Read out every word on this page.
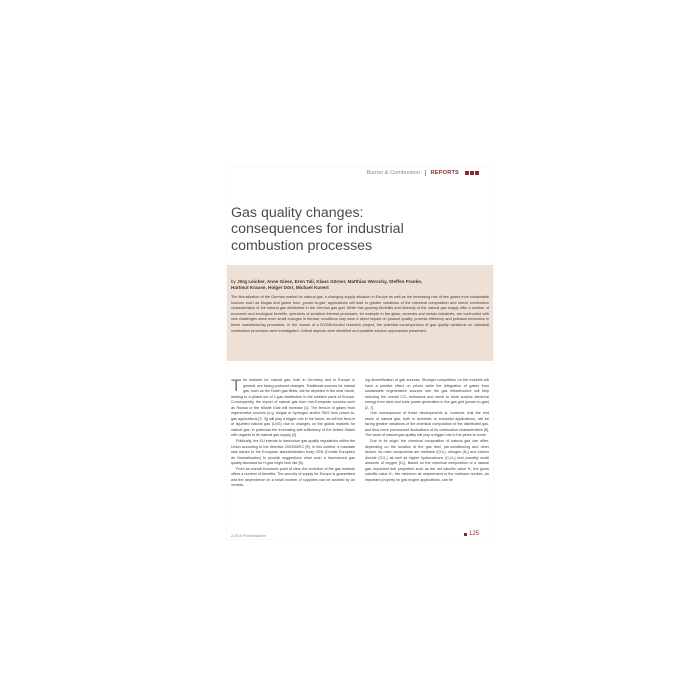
Burner & Combustion REPORTS
Gas quality changes:
consequences for industrial
combustion processes
by Jörg Leicher, Anne Giese, Eren Tali, Klaus Görner, Matthias Werschy, Steffen Franke,
Hartmut Krause, Holger Dörr, Michael Kunert
The liberalization of the German market for natural gas, a changing supply situation in Europe as well as the increasing role of fuel gases from sustainable sources such as biogas and gases from „power-to-gas“ applications will lead to greater variations of the chemical composition and hence combustion characteristics of the natural gas distributed in the German gas grid. While this growing flexibility and diversity of the natural gas supply offer a number of economic and ecological benefits, operators of sensitive thermal processes, for example in the glass, ceramics and metals industries, are confronted with new challenges since even small changes in furnace conditions may have a direct impact on product quality, process efficiency and pollutant emissions in these manufacturing processes. In the course of a DVGW-funded research project, the potential consequences of gas quality variations on industrial combustion processes were investigated. Critical aspects were identified and possible solution approaches presented.

The markets for natural gas, both in Germany and in Europe in general, are facing profound changes. Traditional sources for natural gas, such as the Dutch gas fields, will be depleted in the near future, leading to a phase-out of L-gas distribution in the western parts of Europe. Consequently, the import of natural gas from non-European sources such as Russia or the Middle East will increase [1]. The feed-in of gases from regenerative sources (e.g. biogas or hydrogen and/or SNG from power-to-gas applications [2, 3]) will play a bigger role in the future, as will the feed-in of liquefied natural gas (LNG) due to changes on the global markets for natural gas, in particular the increasing self-sufficiency of the United States with regards to its natural gas supply [4].

Politically, the EU intends to harmonize gas quality regulations within the Union according to the directive 2003/55/EC [5]. In this context, a mandate was issued to the European standardisation body CEN (Comité Européen de Normalisation) to provide suggestions what such a harmonized gas quality standard for H-gas might look like [6].

From an overall economic point of view, the evolution of the gas markets offers a number of benefits: The security of supply for Europe is guaranteed and the dependence on a small number of suppliers can be avoided by an increas-

ing diversification of gas sources. Stronger competition on the markets will have a positive effect on prices while the integration of gases from sustainable regenerative sources into the gas infrastructure will help reducing the overall CO₂ emissions and serve to store surplus electrical energy from wind and solar power generation in the gas grid (power-to-gas) [2, 7].

One consequence of these developments is, however, that the end users of natural gas, both in domestic or industrial applications, will be facing greater variations of the chemical composition of the distributed gas, and thus more pronounced fluctuations of its combustion characteristics [8]. The issue of natural gas quality will play a bigger role in the years to come.

Due to its origin, the chemical composition of natural gas can differ, depending on the location of the gas field, pre-conditioning and other factors. Its main components are methane (CH₄), nitrogen (N₂) and carbon dioxide (CO₂) as well as higher hydrocarbons (C₂H₆) and possibly small amounts of oxygen [O₂]. Based on the chemical composition of a natural gas, important fuel properties such as the net calorific value Hᵢ, the gross calorific value Hₛ, the minimum air requirement or the methane number, an important property for gas engine applications, can be

2-2015 Prozesswärme	125
